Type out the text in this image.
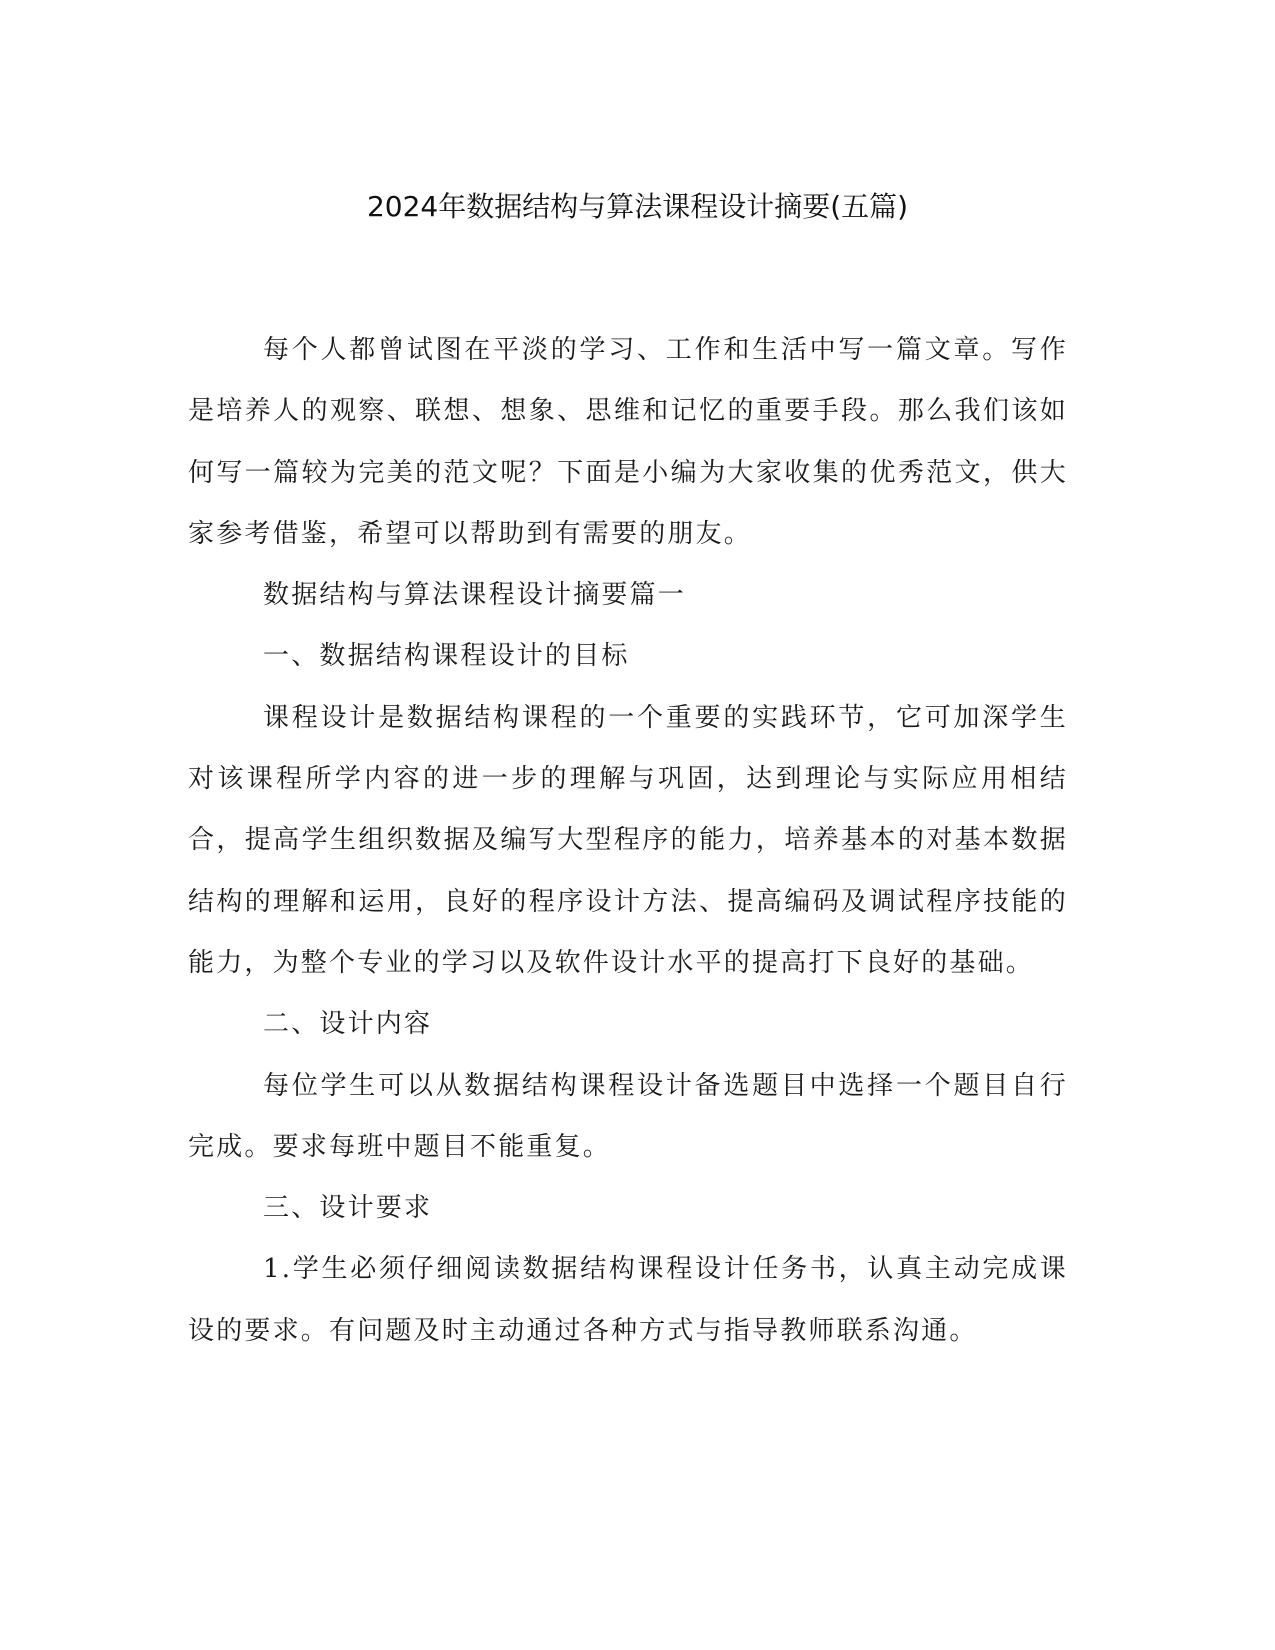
2024年数据结构与算法课程设计摘要(五篇)

每个人都曾试图在平淡的学习、工作和生活中写一篇文章。写作是培养人的观察、联想、想象、思维和记忆的重要手段。那么我们该如何写一篇较为完美的范文呢？下面是小编为大家收集的优秀范文，供大家参考借鉴，希望可以帮助到有需要的朋友。

数据结构与算法课程设计摘要篇一

一、数据结构课程设计的目标

课程设计是数据结构课程的一个重要的实践环节，它可加深学生对该课程所学内容的进一步的理解与巩固，达到理论与实际应用相结合，提高学生组织数据及编写大型程序的能力，培养基本的对基本数据结构的理解和运用，良好的程序设计方法、提高编码及调试程序技能的能力，为整个专业的学习以及软件设计水平的提高打下良好的基础。

二、设计内容

每位学生可以从数据结构课程设计备选题目中选择一个题目自行完成。要求每班中题目不能重复。

三、设计要求

1.学生必须仔细阅读数据结构课程设计任务书，认真主动完成课设的要求。有问题及时主动通过各种方式与指导教师联系沟通。
